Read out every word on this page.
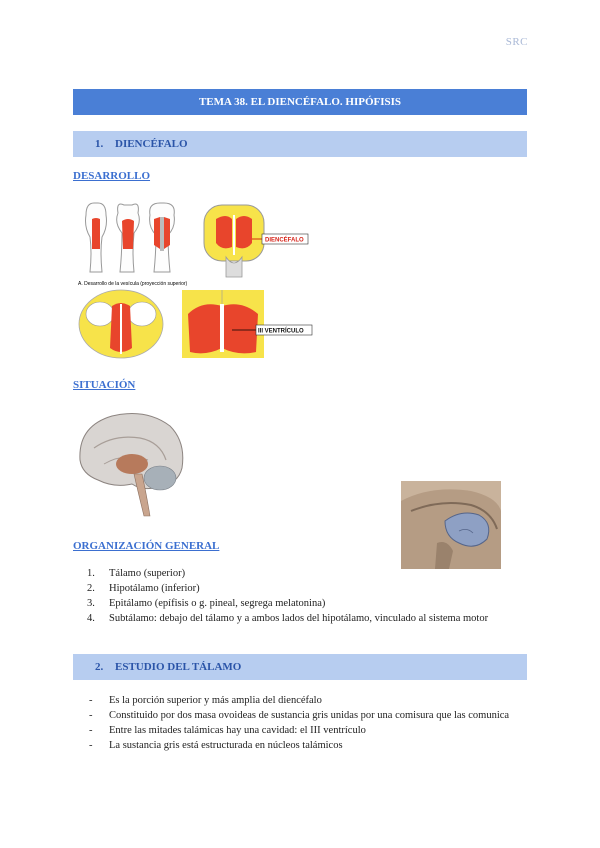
SRC
TEMA 38. EL DIENCÉFALO. HIPÓFISIS
1. DIENCÉFALO
DESARROLLO
DIENCÉFALO
A. Desarrollo de la vesícula (proyección superior)
III VENTRÍCULO
SITUACIÓN
ORGANIZACIÓN GENERAL
1. Tálamo (superior)
2. Hipotálamo (inferior)
3. Epitálamo (epífisis o g. pineal, segrega melatonina)
4. Subtálamo: debajo del tálamo y a ambos lados del hipotálamo, vinculado al sistema motor
2. ESTUDIO DEL TÁLAMO
- Es la porción superior y más amplia del diencéfalo
- Constituido por dos masa ovoideas de sustancia gris unidas por una comisura que las comunica
- Entre las mitades talámicas hay una cavidad: el III ventrículo
- La sustancia gris está estructurada en núcleos talámicos
